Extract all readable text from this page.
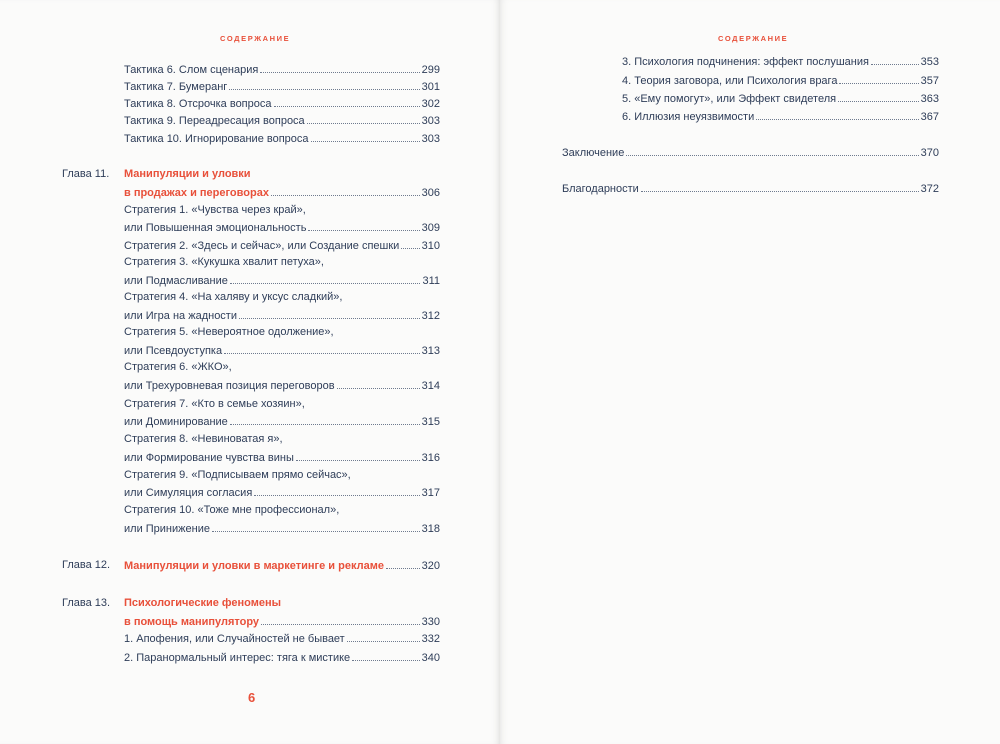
СОДЕРЖАНИЕ
Тактика 6. Слом сценария	299
Тактика 7. Бумеранг	301
Тактика 8. Отсрочка вопроса	302
Тактика 9. Переадресация вопроса	303
Тактика 10. Игнорирование вопроса	303
Глава 11. Манипуляции и уловки
в продажах и переговорах	306
Стратегия 1. «Чувства через край»,
или Повышенная эмоциональность	309
Стратегия 2. «Здесь и сейчас», или Создание спешки 310
Стратегия 3. «Кукушка хвалит петуха»,
или Подмасливание	311
Стратегия 4. «На халяву и уксус сладкий»,
или Игра на жадности	312
Стратегия 5. «Невероятное одолжение»,
или Псевдоуступка	313
Стратегия 6. «ЖКО»,
или Трехуровневая позиция переговоров	314
Стратегия 7. «Кто в семье хозяин»,
или Доминирование	315
Стратегия 8. «Невиноватая я»,
или Формирование чувства вины	316
Стратегия 9. «Подписываем прямо сейчас»,
или Симуляция согласия	317
Стратегия 10. «Тоже мне профессионал»,
или Принижение	318
Глава 12. Манипуляции и уловки в маркетинге и рекламе	320
Глава 13. Психологические феномены
в помощь манипулятору	330
1. Апофения, или Случайностей не бывает	332
2. Паранормальный интерес: тяга к мистике	340
6
СОДЕРЖАНИЕ
3. Психология подчинения: эффект послушания	353
4. Теория заговора, или Психология врага	357
5. «Ему помогут», или Эффект свидетеля	363
6. Иллюзия неуязвимости	367
Заключение	370
Благодарности	372
